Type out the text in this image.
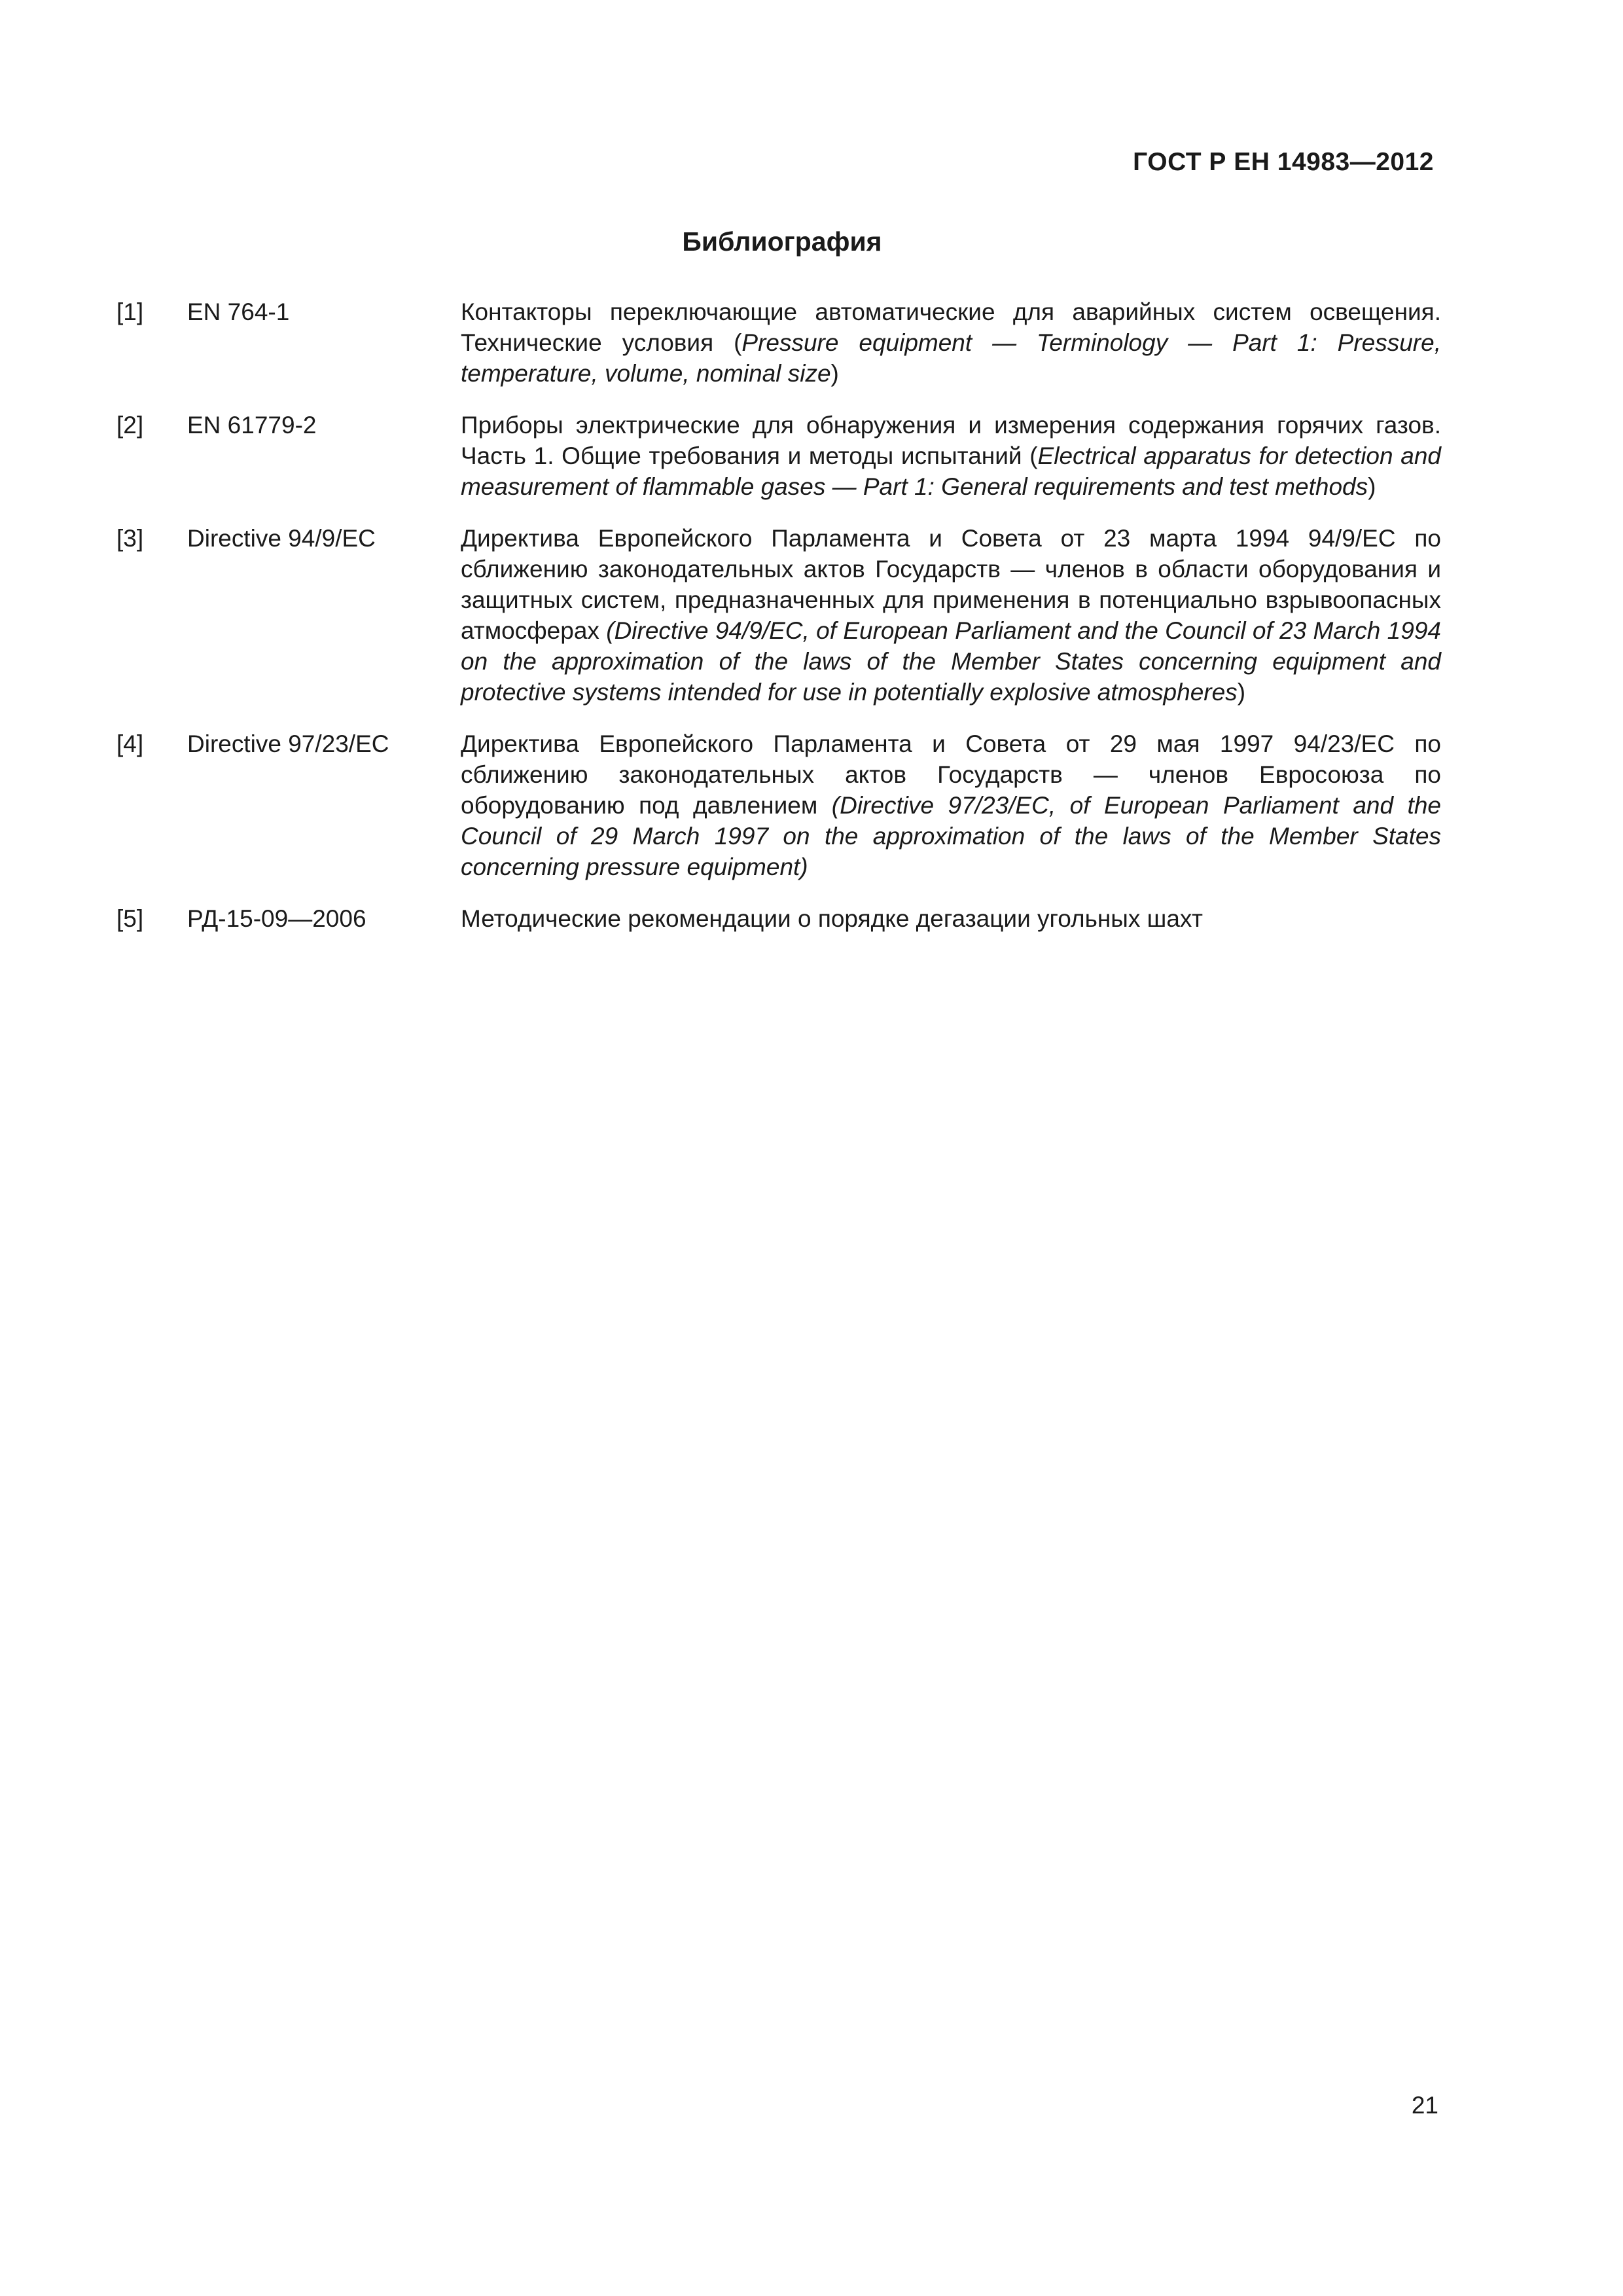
ГОСТ Р ЕН 14983—2012
Библиография
[1]	EN 764-1	Контакторы переключающие автоматические для аварийных систем освещения. Технические условия (Pressure equipment — Terminology — Part 1: Pressure, temperature, volume, nominal size)
[2]	EN 61779-2	Приборы электрические для обнаружения и измерения содержания горячих газов. Часть 1. Общие требования и методы испытаний (Electrical apparatus for detection and measurement of flammable gases — Part 1: General requirements and test methods)
[3]	Directive 94/9/EC	Директива Европейского Парламента и Совета от 23 марта 1994 94/9/EC по сближению законодательных актов Государств — членов в области оборудования и защитных систем, предназначенных для применения в потенциально взрывоопасных атмосферах (Directive 94/9/EC, of European Parliament and the Council of 23 March 1994 on the approximation of the laws of the Member States concerning equipment and protective systems intended for use in potentially explosive atmospheres)
[4]	Directive 97/23/EC	Директива Европейского Парламента и Совета от 29 мая 1997 94/23/EC по сближению законодательных актов Государств — членов Евросоюза по оборудованию под давлением (Directive 97/23/EC, of European Parliament and the Council of 29 March 1997 on the approximation of the laws of the Member States concerning pressure equipment)
[5]	РД-15-09—2006	Методические рекомендации о порядке дегазации угольных шахт
21
